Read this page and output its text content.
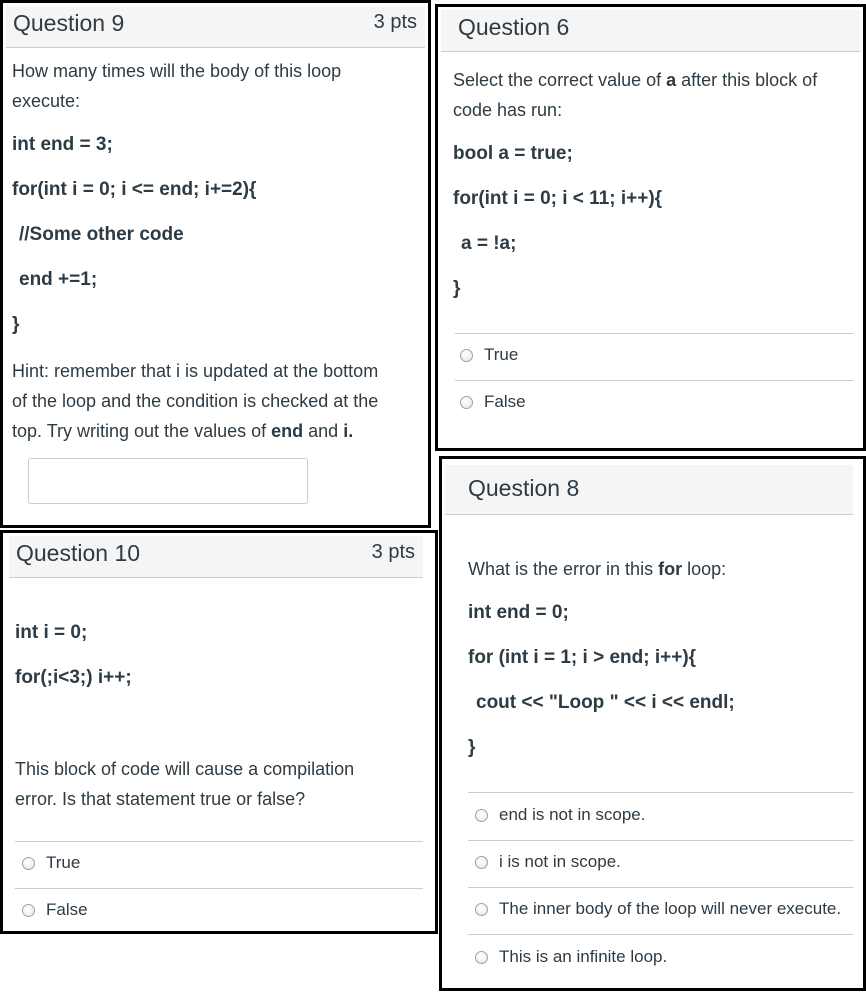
Question 9	3 pts
How many times will the body of this loop
execute:
int end = 3;
for(int i = 0; i <= end; i+=2){
//Some other code
end +=1;
}
Hint: remember that i is updated at the bottom
of the loop and the condition is checked at the
top. Try writing out the values of end and i.
Question 6
Select the correct value of a after this block of
code has run:
bool a = true;
for(int i = 0; i < 11; i++){
a = !a;
}
True
False
Question 10	3 pts
int i = 0;
for(;i<3;) i++;
This block of code will cause a compilation
error. Is that statement true or false?
True
False
Question 8
What is the error in this for loop:
int end = 0;
for (int i = 1; i > end; i++){
cout << "Loop " << i << endl;
}
end is not in scope.
i is not in scope.
The inner body of the loop will never execute.
This is an infinite loop.
